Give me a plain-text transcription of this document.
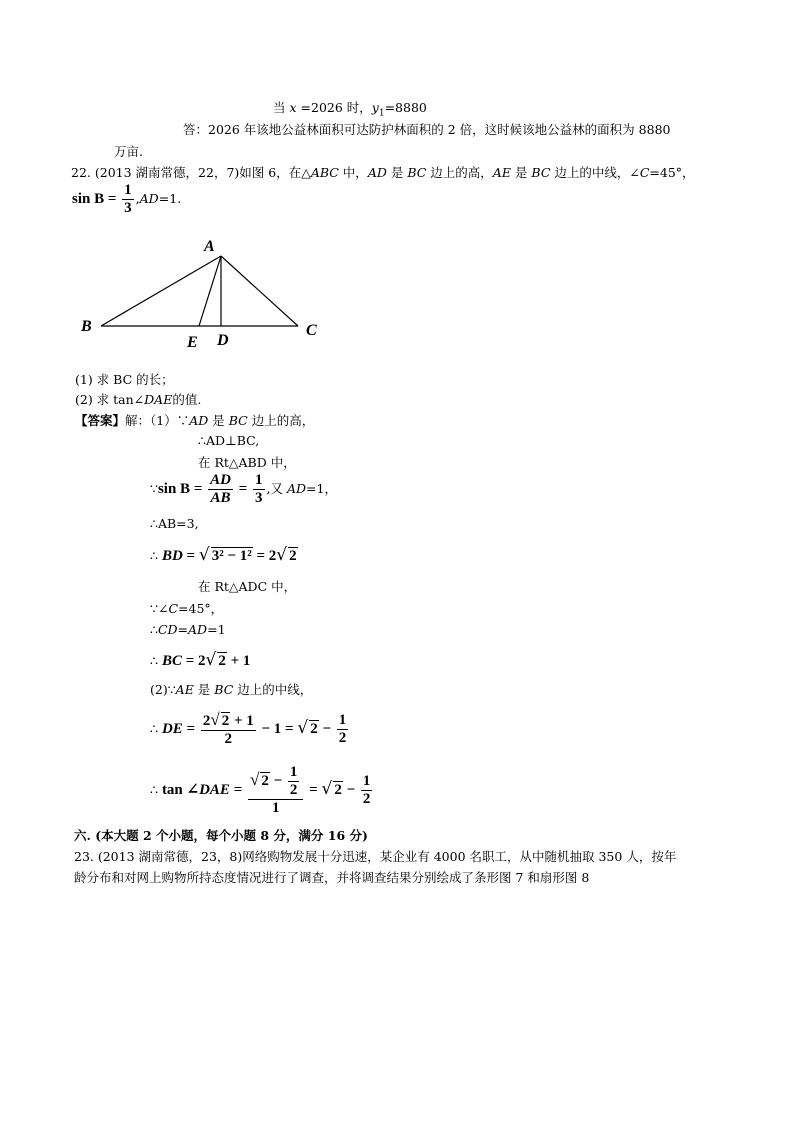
当 x =2026 时，$y_1=8880$
答：2026 年该地公益林面积可达防护林面积的 2 倍，这时候该地公益林的面积为 8880
万亩.
22. (2013 湖南常德，22，7)如图 6，在△ABC 中，AD 是 BC 边上的高，AE 是 BC 边上的中线，∠C=45°，
$\sin B = \frac{1}{3} ,AD=1$.
A
B	C
D
E
(1) 求 BC 的长；
(2) 求 tan∠DAE的值.
【答案】解：（1）∵AD 是 BC 边上的高，
∴AD⊥BC,
在 Rt△ABD 中，
∵sin $B = \frac{AD}{AB} = \frac{1}{3}$ ,又 AD=1，
∴AB=3,
∴ BD = √ 3² − 1² = 2√ 2
在 Rt△ADC 中，
∵∠C=45°，
∴CD=AD=1
∴ BC = 2√ 2 + 1
(2)∵AE 是 BC 边上的中线，
∴ DE = $\frac{2√ 2 + 1}{2} - 1$ = √ $2 - \frac{1}{2}$
∴ tan ∠DAE = $\frac{√ 2 - \frac{1}{2}}{1}$ = √ $2 - \frac{1}{2}$
六. (本大题 2 个小题，每个小题 8 分，满分 16 分)
23. (2013 湖南常德，23，8)网络购物发展十分迅速，某企业有 4000 名职工，从中随机抽取 350 人，按年
龄分布和对网上购物所持态度情况进行了调查，并将调查结果分别绘成了条形图 7 和扇形图 8
